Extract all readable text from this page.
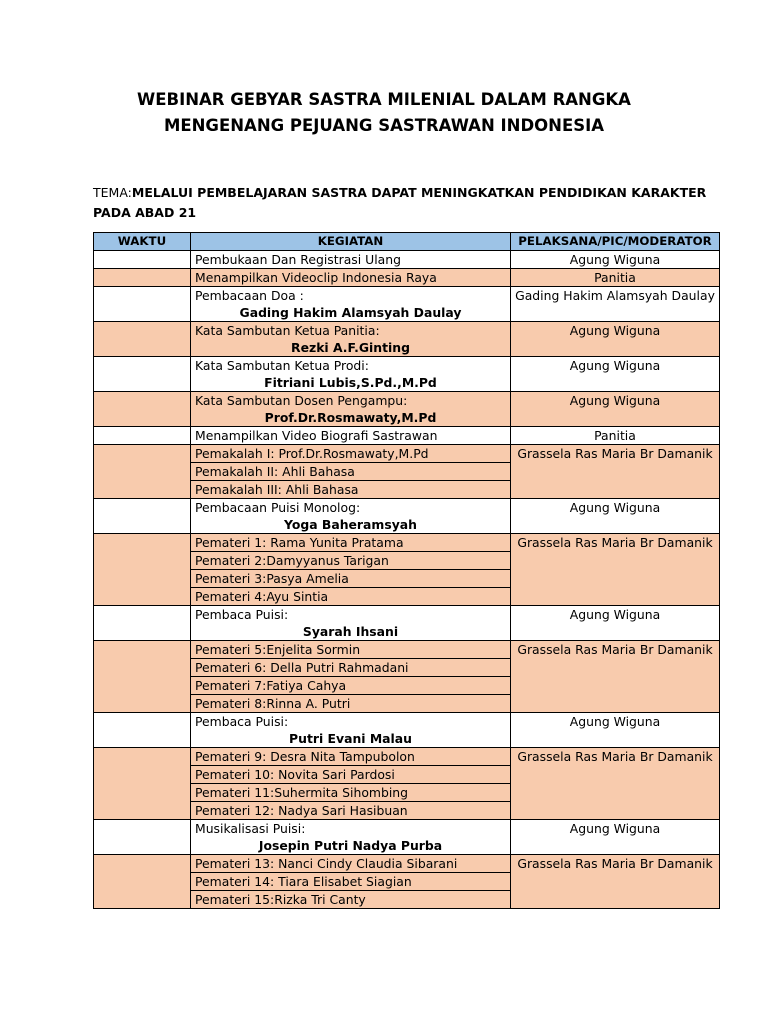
WEBINAR GEBYAR SASTRA MILENIAL DALAM RANGKA
MENGENANG PEJUANG SASTRAWAN INDONESIA
TEMA:MELALUI PEMBELAJARAN SASTRA DAPAT MENINGKATKAN PENDIDIKAN KARAKTER
PADA ABAD 21
WAKTU	KEGIATAN	PELAKSANA/PIC/MODERATOR
	Pembukaan Dan Registrasi Ulang	Agung Wiguna
	Menampilkan Videoclip Indonesia Raya	Panitia
	Pembacaan Doa :
Gading Hakim Alamsyah Daulay	Gading Hakim Alamsyah Daulay
	Kata Sambutan Ketua Panitia:
Rezki A.F.Ginting	Agung Wiguna
	Kata Sambutan Ketua Prodi:
Fitriani Lubis,S.Pd.,M.Pd	Agung Wiguna
	Kata Sambutan Dosen Pengampu:
Prof.Dr.Rosmawaty,M.Pd	Agung Wiguna
	Menampilkan Video Biografi Sastrawan	Panitia
	Pemakalah I: Prof.Dr.Rosmawaty,M.Pd	Grassela Ras Maria Br Damanik
	Pemakalah II: Ahli Bahasa	
	Pemakalah III: Ahli Bahasa	
	Pembacaan Puisi Monolog:
Yoga Baheramsyah	Agung Wiguna
	Pemateri 1: Rama Yunita Pratama	Grassela Ras Maria Br Damanik
	Pemateri 2:Damyyanus Tarigan	
	Pemateri 3:Pasya Amelia	
	Pemateri 4:Ayu Sintia	
	Pembaca Puisi:
Syarah Ihsani	Agung Wiguna
	Pemateri 5:Enjelita Sormin	Grassela Ras Maria Br Damanik
	Pemateri 6: Della Putri Rahmadani	
	Pemateri 7:Fatiya Cahya	
	Pemateri 8:Rinna A. Putri	
	Pembaca Puisi:
Putri Evani Malau	Agung Wiguna
	Pemateri 9: Desra Nita Tampubolon	Grassela Ras Maria Br Damanik
	Pemateri 10: Novita Sari Pardosi	
	Pemateri 11:Suhermita Sihombing	
	Pemateri 12: Nadya Sari Hasibuan	
	Musikalisasi Puisi:
Josepin Putri Nadya Purba	Agung Wiguna
	Pemateri 13: Nanci Cindy Claudia Sibarani	Grassela Ras Maria Br Damanik
	Pemateri 14: Tiara Elisabet Siagian	
	Pemateri 15:Rizka Tri Canty	
